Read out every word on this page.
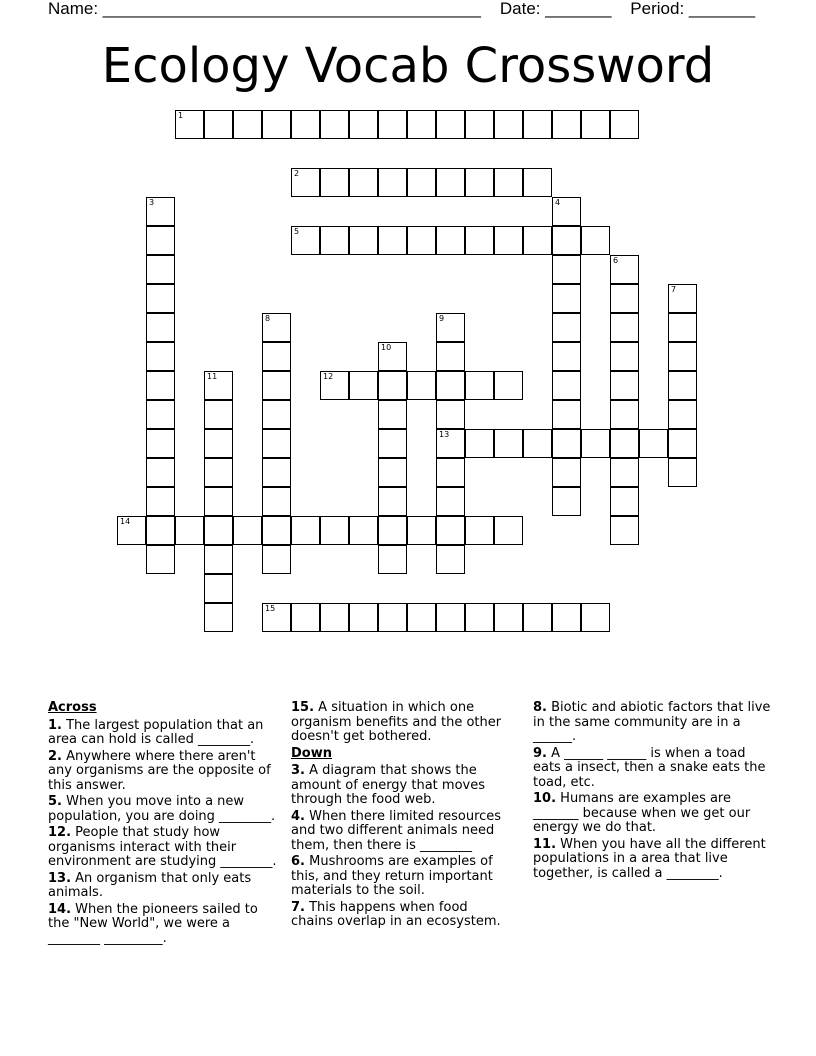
Name: ________________________________________    Date: _______    Period: _______
Ecology Vocab Crossword
1
2
3	4
5
6
7
8	9
13
10
11	12
14
15
Across
1. The largest population that an area can hold is called ________.
2. Anywhere where there aren't any organisms are the opposite of this answer.
5. When you move into a new population, you are doing ________.
12. People that study how organisms interact with their environment are studying ________.
13. An organism that only eats animals.
14. When the pioneers sailed to the "New World", we were a ________ _________.
15. A situation in which one organism benefits and the other doesn't get bothered.
Down
3. A diagram that shows the amount of energy that moves through the food web.
4. When there limited resources and two different animals need them, then there is ________
6. Mushrooms are examples of this, and they return important materials to the soil.
7. This happens when food chains overlap in an ecosystem.
8. Biotic and abiotic factors that live in the same community are in a ______.
9. A ______ ______ is when a toad eats a insect, then a snake eats the toad, etc.
10. Humans are examples are _______ because when we get our energy we do that.
11. When you have all the different populations in a area that live together, is called a ________.
